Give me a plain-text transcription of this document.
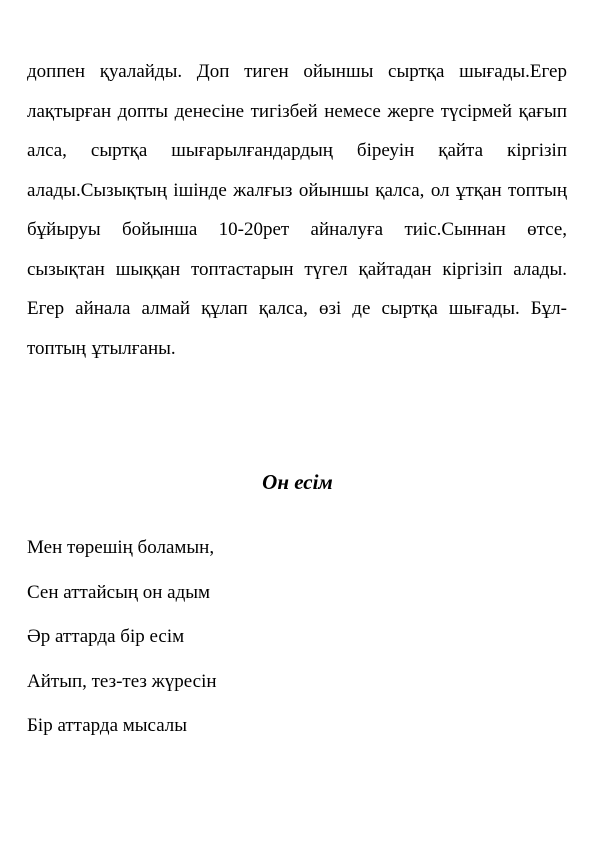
доппен қуалайды. Доп тиген ойыншы сыртқа шығады.Егер лақтырған допты денесіне тигізбей немесе жерге түсірмей қағып алса, сыртқа шығарылғандардың біреуін қайта кіргізіп алады.Сызықтың ішінде жалғыз ойыншы қалса, ол ұтқан топтың бұйыруы бойынша 10-20рет айналуға тиіс.Сыннан өтсе, сызықтан шыққан топтастарын түгел қайтадан кіргізіп алады. Егер айнала алмай құлап қалса, өзі де сыртқа шығады. Бұл-топтың ұтылғаны.

Он есім
Мен төрешің боламын,
Сен аттайсың он адым
Әр аттарда бір есім
Айтып, тез-тез жүресін
Бір аттарда мысалы
